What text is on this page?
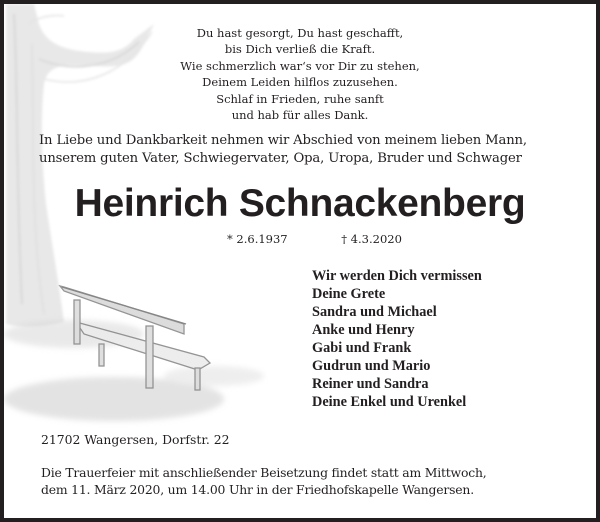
Du hast gesorgt, Du hast geschafft,
bis Dich verließ die Kraft.
Wie schmerzlich war‘s vor Dir zu stehen,
Deinem Leiden hilflos zuzusehen.
Schlaf in Frieden, ruhe sanft
und hab für alles Dank.
In Liebe und Dankbarkeit nehmen wir Abschied von meinem lieben Mann,
unserem guten Vater, Schwiegervater, Opa, Uropa, Bruder und Schwager
Heinrich Schnackenberg
* 2.6.1937	† 4.3.2020
Wir werden Dich vermissen
Deine Grete
Sandra und Michael
Anke und Henry
Gabi und Frank
Gudrun und Mario
Reiner und Sandra
Deine Enkel und Urenkel
21702 Wangersen, Dorfstr. 22
Die Trauerfeier mit anschließender Beisetzung findet statt am Mittwoch,
dem 11. März 2020, um 14.00 Uhr in der Friedhofskapelle Wangersen.
